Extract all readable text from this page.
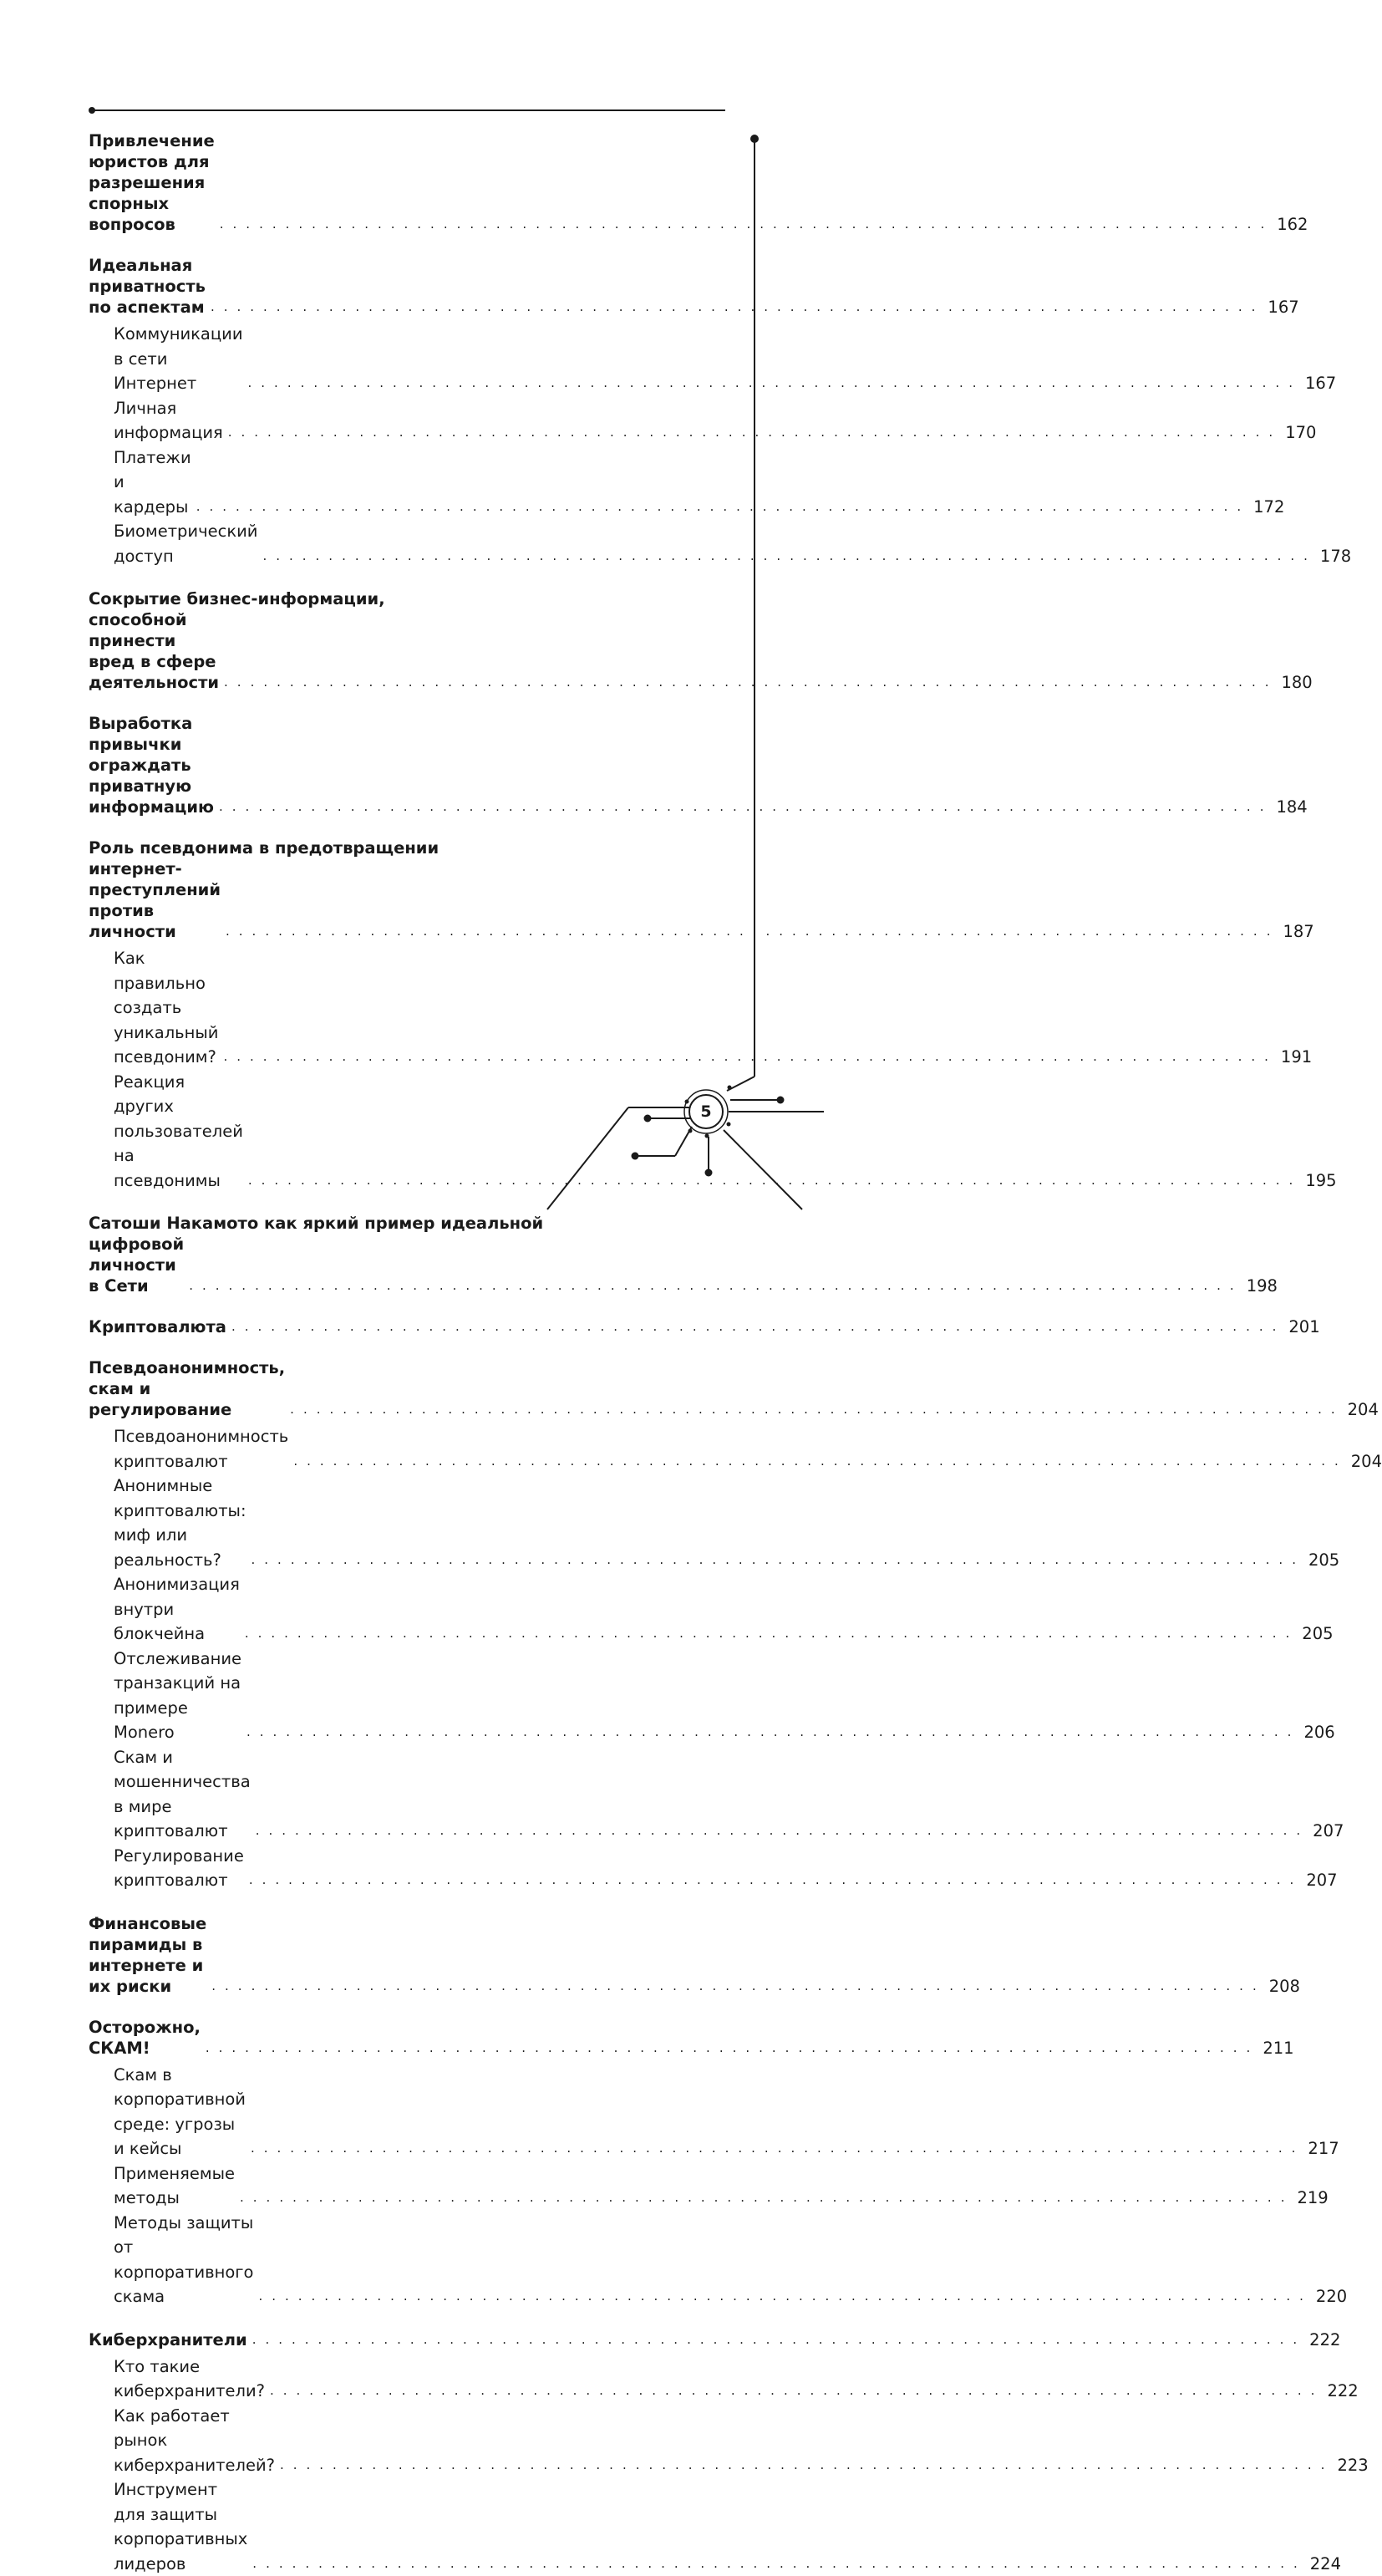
Привлечение юристов для разрешения спорных вопросов	................................................................................ 162
Идеальная приватность по аспектам ................................................................................ 167
Коммуникации в сети Интернет	................................................................................ 167
Личная информация ................................................................................ 170
Платежи и кардеры ................................................................................ 172
Биометрический доступ	................................................................................ 178
Сокрытие бизнес-информации,
способной принести вред в сфере деятельности ................................................................................ 180
Выработка привычки ограждать приватную информацию ................................................................................ 184
Роль псевдонима в предотвращении
интернет-преступлений против личности	................................................................................ 187
Как правильно создать уникальный псевдоним? ................................................................................ 191
Реакция других пользователей на псевдонимы	................................................................................ 195
Сатоши Накамото как яркий пример идеальной
цифровой личности в Сети	................................................................................ 198
Криптовалюта ................................................................................ 201
Псевдоанонимность, скам и регулирование	................................................................................ 204
Псевдоанонимность криптовалют	................................................................................ 204
Анонимные криптовалюты: миф или реальность?	................................................................................ 205
Анонимизация внутри блокчейна	................................................................................ 205
Отслеживание транзакций на примере Monero	................................................................................ 206
Скам и мошенничества в мире криптовалют	................................................................................ 207
Регулирование криптовалют	................................................................................ 207
Финансовые пирамиды в интернете и их риски	................................................................................ 208
Осторожно, СКАМ!	................................................................................ 211
Скам в корпоративной среде: угрозы и кейсы	................................................................................ 217
Применяемые методы	................................................................................ 219
Методы защиты от корпоративного скама	................................................................................ 220
Киберхранители ................................................................................ 222
Кто такие киберхранители? ................................................................................ 222
Как работает рынок киберхранителей? ................................................................................ 223
Инструмент для защиты корпоративных лидеров	................................................................................ 224
5
